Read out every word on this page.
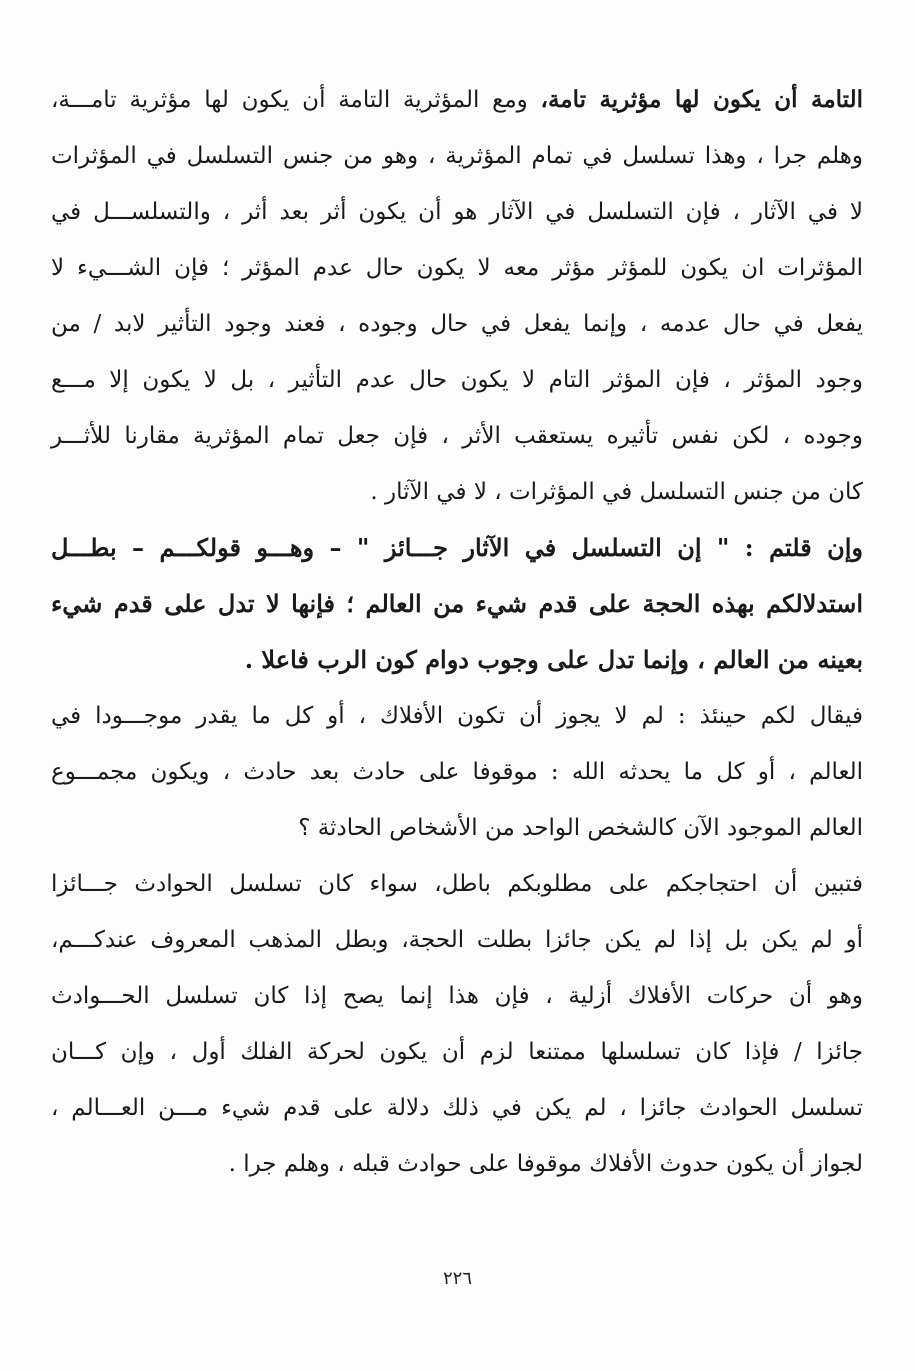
التامة أن يكون لها مؤثرية تامة، ومع المؤثرية التامة أن يكون لها مؤثرية تامـــة،
وهلم جرا ، وهذا تسلسل في تمام المؤثرية ، وهو من جنس التسلسل في المؤثرات
لا في الآثار ، فإن التسلسل في الآثار هو أن يكون أثر بعد أثر ، والتسلســـل في
المؤثرات ان يكون للمؤثر مؤثر معه لا يكون حال عدم المؤثر ؛ فإن الشـــيء لا
يفعل في حال عدمه ، وإنما يفعل في حال وجوده ، فعند وجود التأثير لابد / من
وجود المؤثر ، فإن المؤثر التام لا يكون حال عدم التأثير ، بل لا يكون إلا مـــع
وجوده ، لكن نفس تأثيره يستعقب الأثر ، فإن جعل تمام المؤثرية مقارنا للأثـــر
كان من جنس التسلسل في المؤثرات ، لا في الآثار .
وإن قلتم : " إن التسلسل في الآثار جـــائز " – وهـــو قولكـــم – بطـــل
استدلالكم بهذه الحجة على قدم شيء من العالم ؛ فإنها لا تدل على قدم شيء
بعينه من العالم ، وإنما تدل على وجوب دوام كون الرب فاعلا .
فيقال لكم حينئذ : لم لا يجوز أن تكون الأفلاك ، أو كل ما يقدر موجـــودا في
العالم ، أو كل ما يحدثه الله : موقوفا على حادث بعد حادث ، ويكون مجمـــوع
العالم الموجود الآن كالشخص الواحد من الأشخاص الحادثة ؟
فتبين أن احتجاجكم على مطلوبكم باطل، سواء كان تسلسل الحوادث جـــائزا
أو لم يكن بل إذا لم يكن جائزا بطلت الحجة، وبطل المذهب المعروف عندكـــم،
وهو أن حركات الأفلاك أزلية ، فإن هذا إنما يصح إذا كان تسلسل الحـــوادث
جائزا / فإذا كان تسلسلها ممتنعا لزم أن يكون لحركة الفلك أول ، وإن كـــان
تسلسل الحوادث جائزا ، لم يكن في ذلك دلالة على قدم شيء مـــن العـــالم ،
لجواز أن يكون حدوث الأفلاك موقوفا على حوادث قبله ، وهلم جرا .
٢٢٦
